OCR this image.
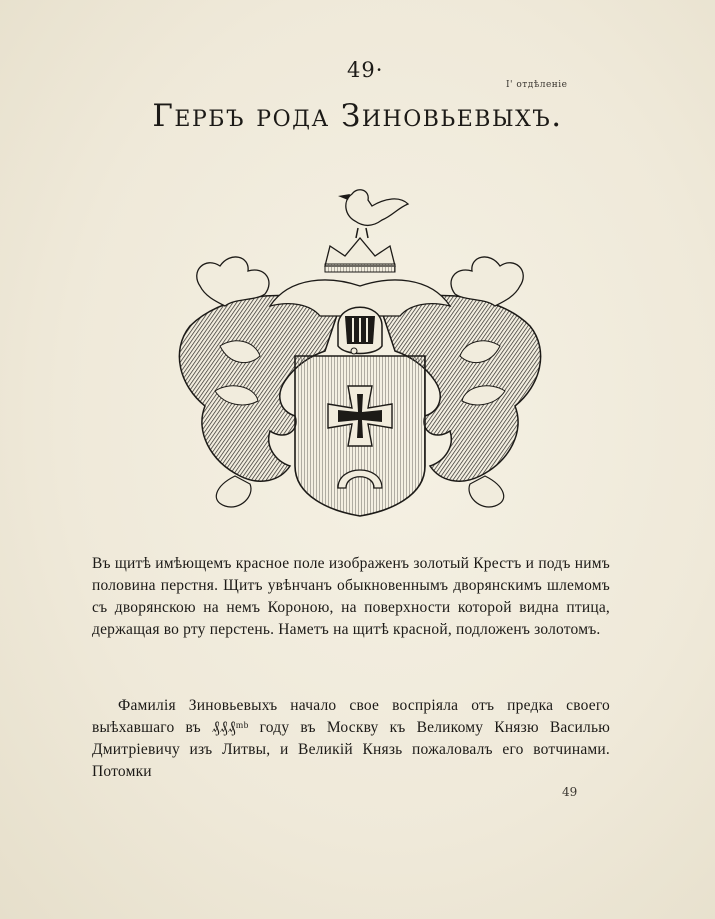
49·
I' отдѣленіе
Гербъ рода Зиновьевыхъ.
Въ щитѣ имѣющемъ красное поле изображенъ золотый Крестъ и подъ нимъ половина перстня. Щитъ увѣнчанъ обыкновеннымъ дворянскимъ шлемомъ съ дворянскою на немъ Короною, на поверхности которой видна птица, держащая во рту перстень. Наметъ на щитѣ красной, подложенъ золотомъ.
Фамилія Зиновьевыхъ начало свое воспріяла отъ предка своего выѣхавшаго въ ₰₰₰ᵐᵇ году въ Москву къ Великому Князю Василью Дмитріевичу изъ Литвы, и Великій Князь пожаловалъ его вотчинами. Потомки
49
